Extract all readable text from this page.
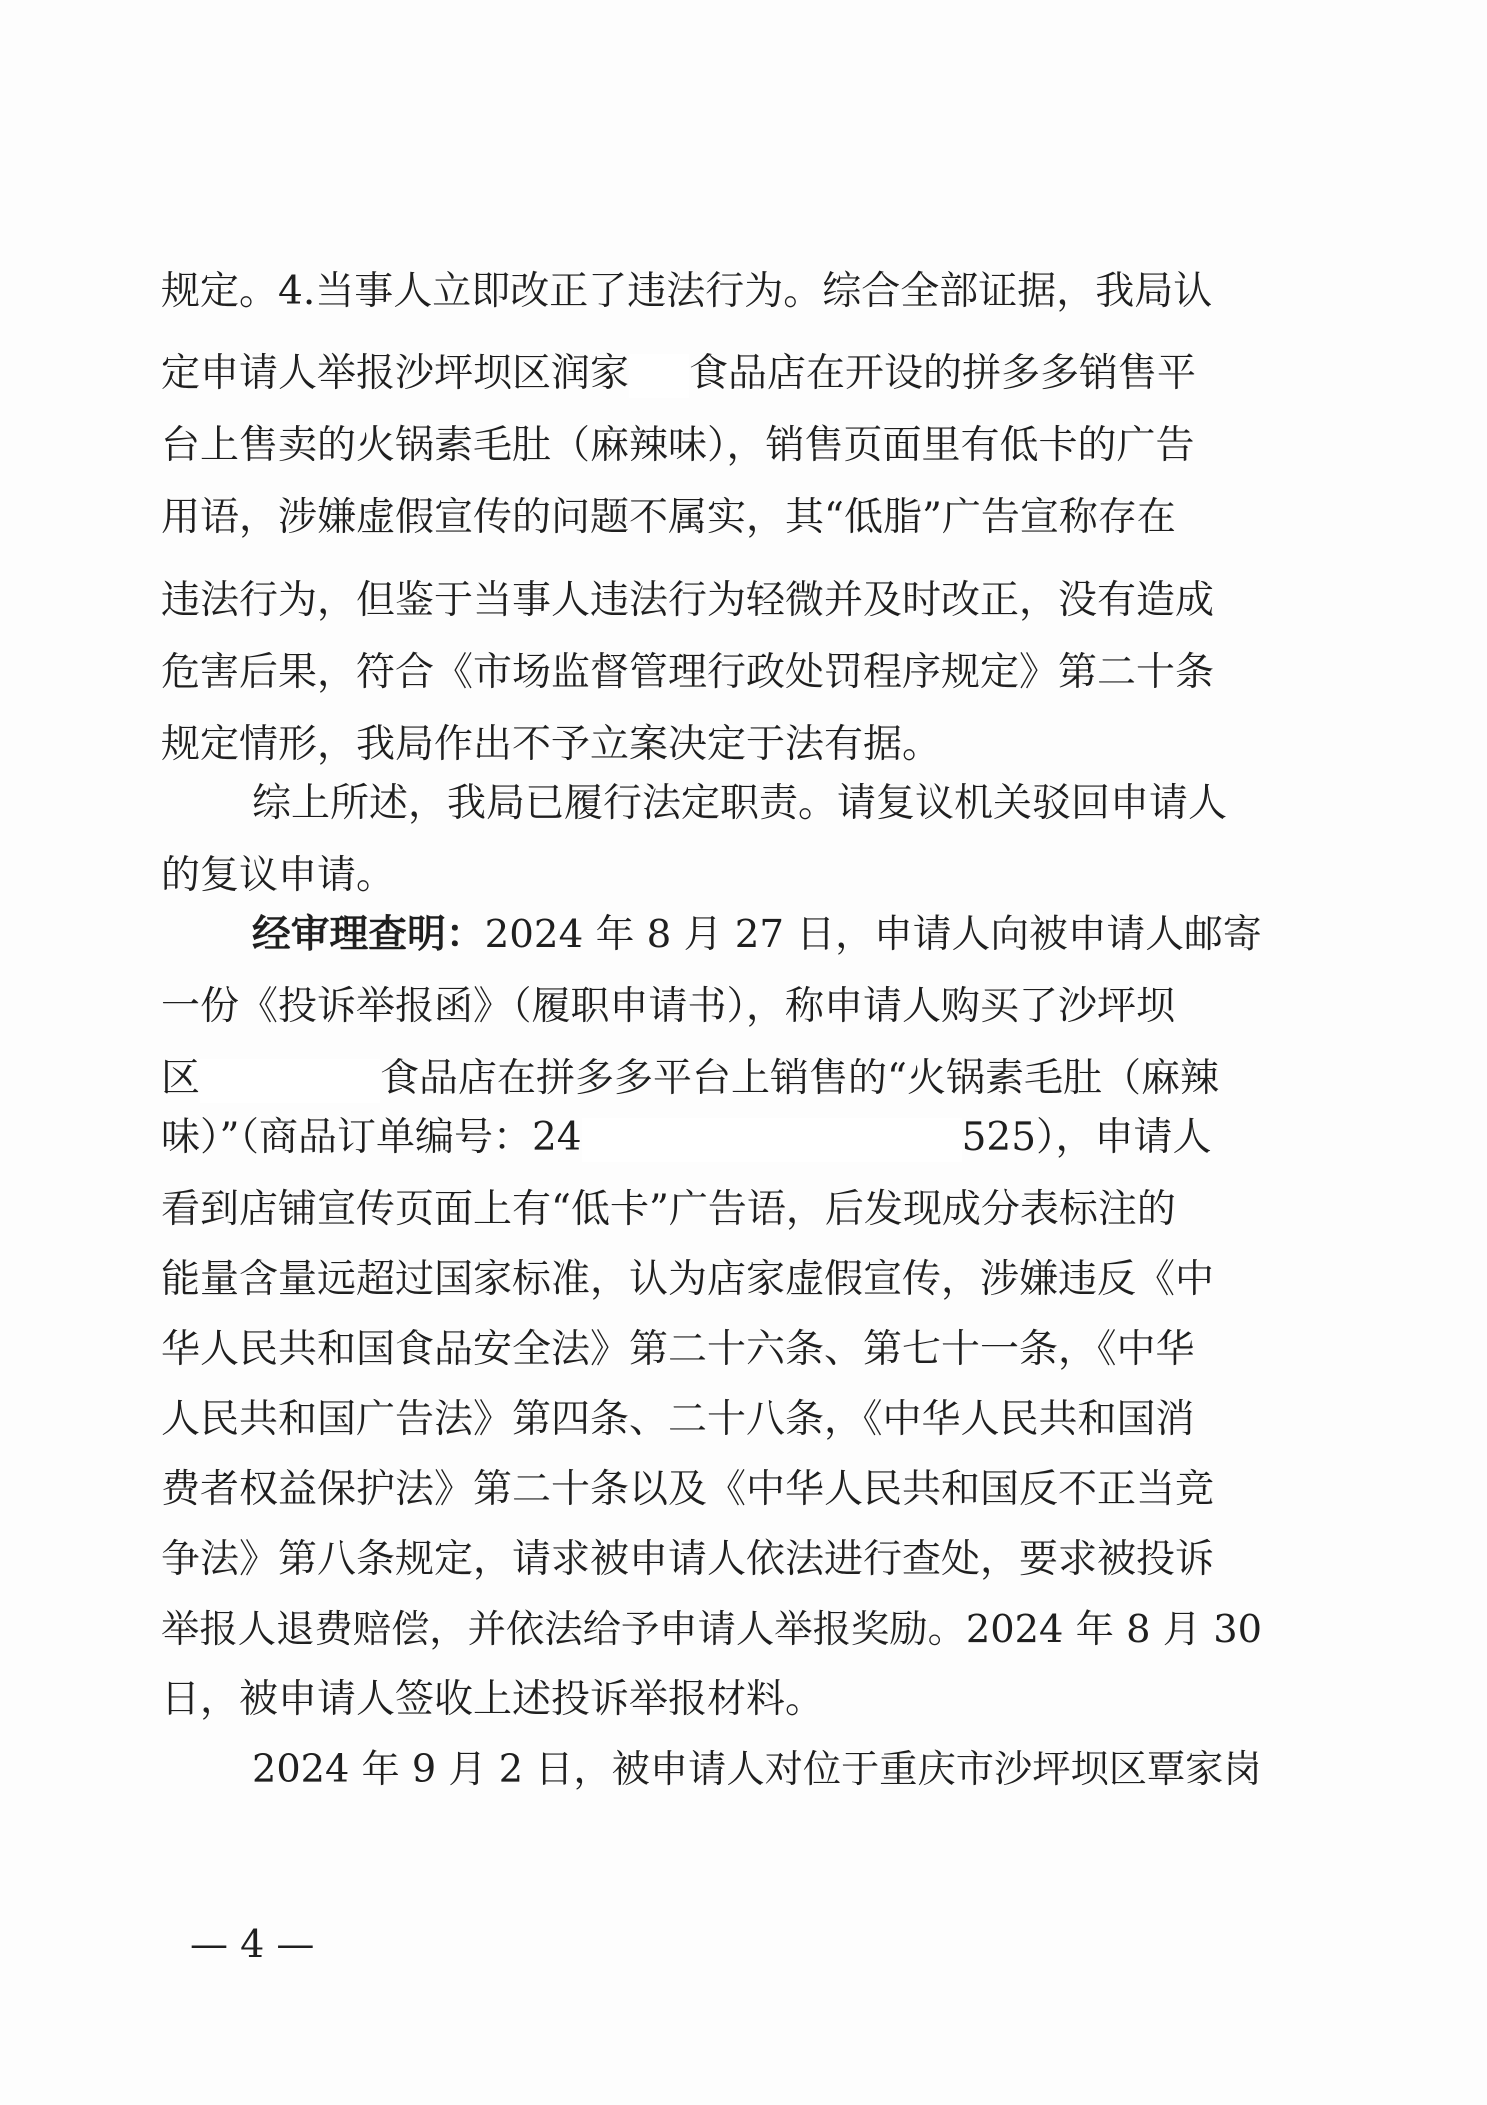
规定。4.当事人立即改正了违法行为。综合全部证据，我局认
定申请人举报沙坪坝区润家 食品店在开设的拼多多销售平
台上售卖的火锅素毛肚（麻辣味），销售页面里有低卡的广告
用语，涉嫌虚假宣传的问题不属实，其“低脂”广告宣称存在
违法行为，但鉴于当事人违法行为轻微并及时改正，没有造成
危害后果，符合《市场监督管理行政处罚程序规定》第二十条
规定情形，我局作出不予立案决定于法有据。
综上所述，我局已履行法定职责。请复议机关驳回申请人
的复议申请。
经审理查明：2024 年 8 月 27 日，申请人向被申请人邮寄
一份《投诉举报函》（履职申请书），称申请人购买了沙坪坝
区	食品店在拼多多平台上销售的“火锅素毛肚（麻辣
味）”（商品订单编号：24	525），申请人
看到店铺宣传页面上有“低卡”广告语，后发现成分表标注的
能量含量远超过国家标准，认为店家虚假宣传，涉嫌违反《中
华人民共和国食品安全法》第二十六条、第七十一条，《中华
人民共和国广告法》第四条、二十八条，《中华人民共和国消
费者权益保护法》第二十条以及《中华人民共和国反不正当竞
争法》第八条规定，请求被申请人依法进行查处，要求被投诉
举报人退费赔偿，并依法给予申请人举报奖励。2024 年 8 月 30
日，被申请人签收上述投诉举报材料。
2024 年 9 月 2 日，被申请人对位于重庆市沙坪坝区覃家岗
— 4 —
